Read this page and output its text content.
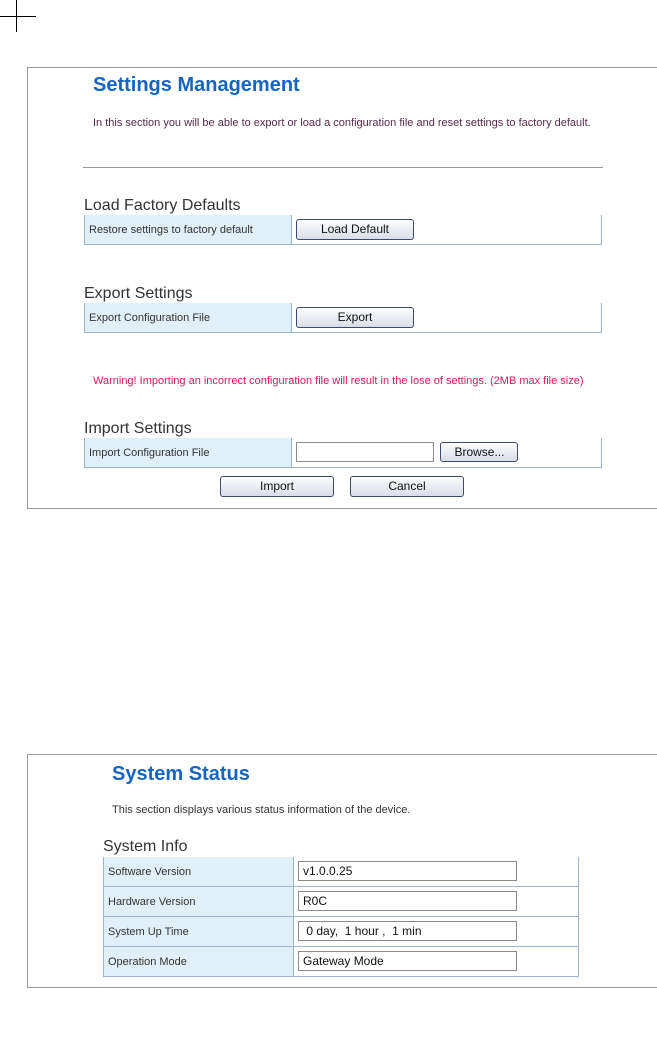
Settings Management
In this section you will be able to export or load a configuration file and reset settings to factory default.
Load Factory Defaults
Restore settings to factory default	Load Default
Export Settings
Export Configuration File	Export
Warning! Importing an incorrect configuration file will result in the lose of settings. (2MB max file size)
Import Settings
Import Configuration File	Browse...
Import	Cancel
System Status
This section displays various status information of the device.
System Info
Software Version	v1.0.0.25
Hardware Version	R0C
System Up Time	0 day,  1 hour ,  1 min
Operation Mode	Gateway Mode
